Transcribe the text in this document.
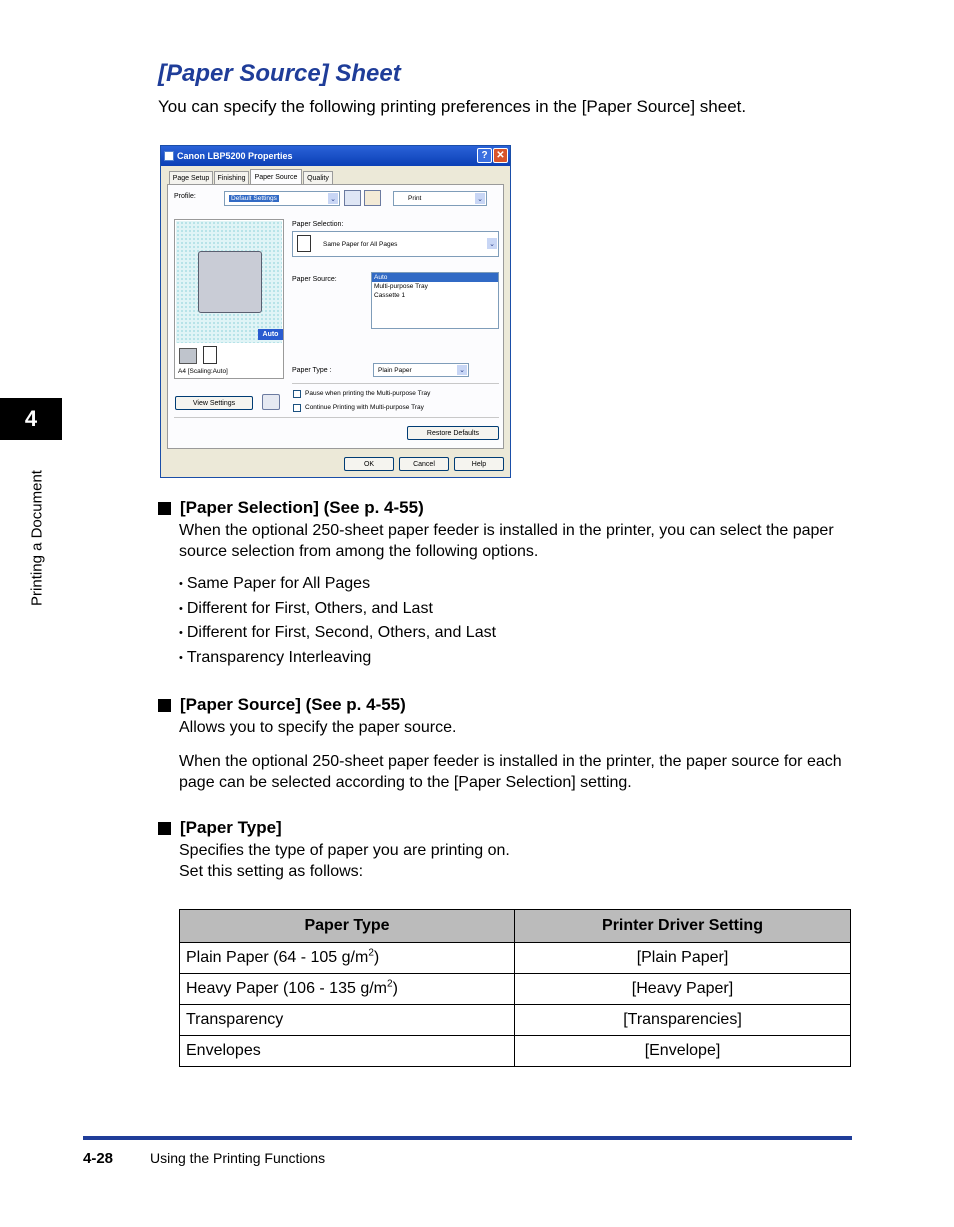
4
Printing a Document
[Paper Source] Sheet
You can specify the following printing preferences in the [Paper Source] sheet.
Canon LBP5200 Properties	? ✕
Page Setup	Finishing	Paper Source	Quality
Profile:	Default Settings	⌄	Print	⌄
Auto
A4 [Scaling:Auto]
Paper Selection:
Same Paper for All Pages	⌄
Paper Source:	Auto
Multi-purpose Tray
Cassette 1
Paper Type :	Plain Paper	⌄
Pause when printing the Multi-purpose Tray
Continue Printing with Multi-purpose Tray
View Settings
Restore Defaults
OK	Cancel	Help
[Paper Selection] (See p. 4-55)
When the optional 250-sheet paper feeder is installed in the printer, you can select the paper source selection from among the following options.
• Same Paper for All Pages
• Different for First, Others, and Last
• Different for First, Second, Others, and Last
• Transparency Interleaving
[Paper Source] (See p. 4-55)
Allows you to specify the paper source.
When the optional 250-sheet paper feeder is installed in the printer, the paper source for each page can be selected according to the [Paper Selection] setting.
[Paper Type]
Specifies the type of paper you are printing on.
Set this setting as follows:
Paper Type	Printer Driver Setting
Plain Paper (64 - 105 $g/m^2$)	[Plain Paper]
Heavy Paper (106 - 135 $g/m^2$)	[Heavy Paper]
Transparency	[Transparencies]
Envelopes	[Envelope]
4-28	Using the Printing Functions
